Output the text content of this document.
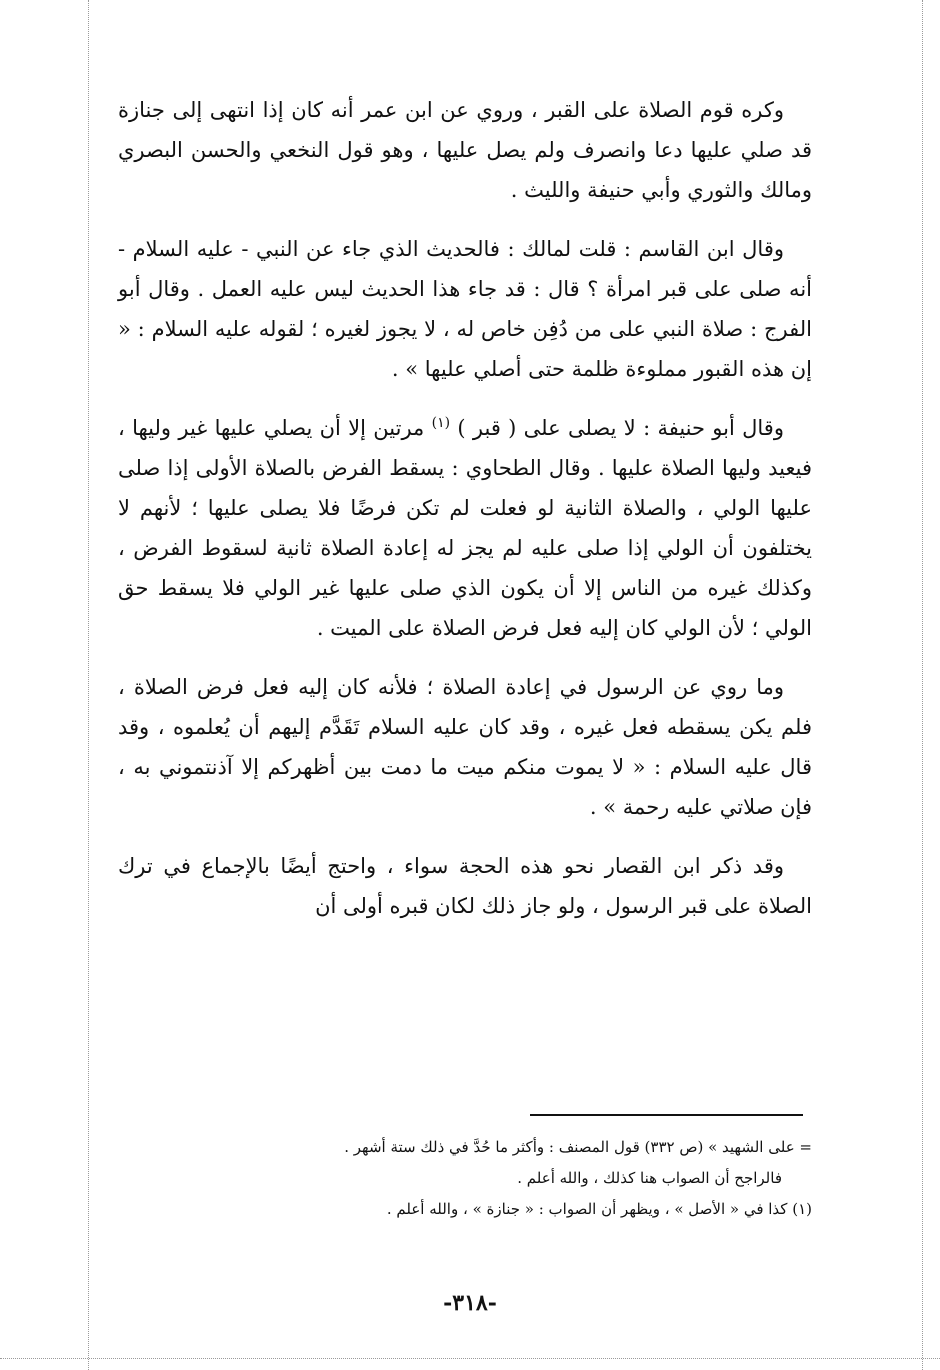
وكره قوم الصلاة على القبر ، وروي عن ابن عمر أنه كان إذا انتهى إلى جنازة قد صلي عليها دعا وانصرف ولم يصل عليها ، وهو قول النخعي والحسن البصري ومالك والثوري وأبي حنيفة والليث .

وقال ابن القاسم : قلت لمالك : فالحديث الذي جاء عن النبي - عليه السلام - أنه صلى على قبر امرأة ؟ قال : قد جاء هذا الحديث ليس عليه العمل . وقال أبو الفرج : صلاة النبي على من دُفِن خاص له ، لا يجوز لغيره ؛ لقوله عليه السلام : « إن هذه القبور مملوءة ظلمة حتى أصلي عليها » .

وقال أبو حنيفة : لا يصلى على ( قبر ) $^{(١)}$ مرتين إلا أن يصلي عليها غير وليها ، فيعيد وليها الصلاة عليها . وقال الطحاوي : يسقط الفرض بالصلاة الأولى إذا صلى عليها الولي ، والصلاة الثانية لو فعلت لم تكن فرضًا فلا يصلى عليها ؛ لأنهم لا يختلفون أن الولي إذا صلى عليه لم يجز له إعادة الصلاة ثانية لسقوط الفرض ، وكذلك غيره من الناس إلا أن يكون الذي صلى عليها غير الولي فلا يسقط حق الولي ؛ لأن الولي كان إليه فعل فرض الصلاة على الميت .

وما روي عن الرسول في إعادة الصلاة ؛ فلأنه كان إليه فعل فرض الصلاة ، فلم يكن يسقطه فعل غيره ، وقد كان عليه السلام تَقَدَّم إليهم أن يُعلموه ، وقد قال عليه السلام : « لا يموت منكم ميت ما دمت بين أظهركم إلا آذنتموني به ، فإن صلاتي عليه رحمة » .

وقد ذكر ابن القصار نحو هذه الحجة سواء ، واحتج أيضًا بالإجماع في ترك الصلاة على قبر الرسول ، ولو جاز ذلك لكان قبره أولى أن

= على الشهيد » (ص ٣٣٢) قول المصنف : وأكثر ما حُدَّ في ذلك ستة أشهر .

فالراجح أن الصواب هنا كذلك ، والله أعلم .

(١) كذا في « الأصل » ، ويظهر أن الصواب : « جنازة » ، والله أعلم .

-٣١٨-
